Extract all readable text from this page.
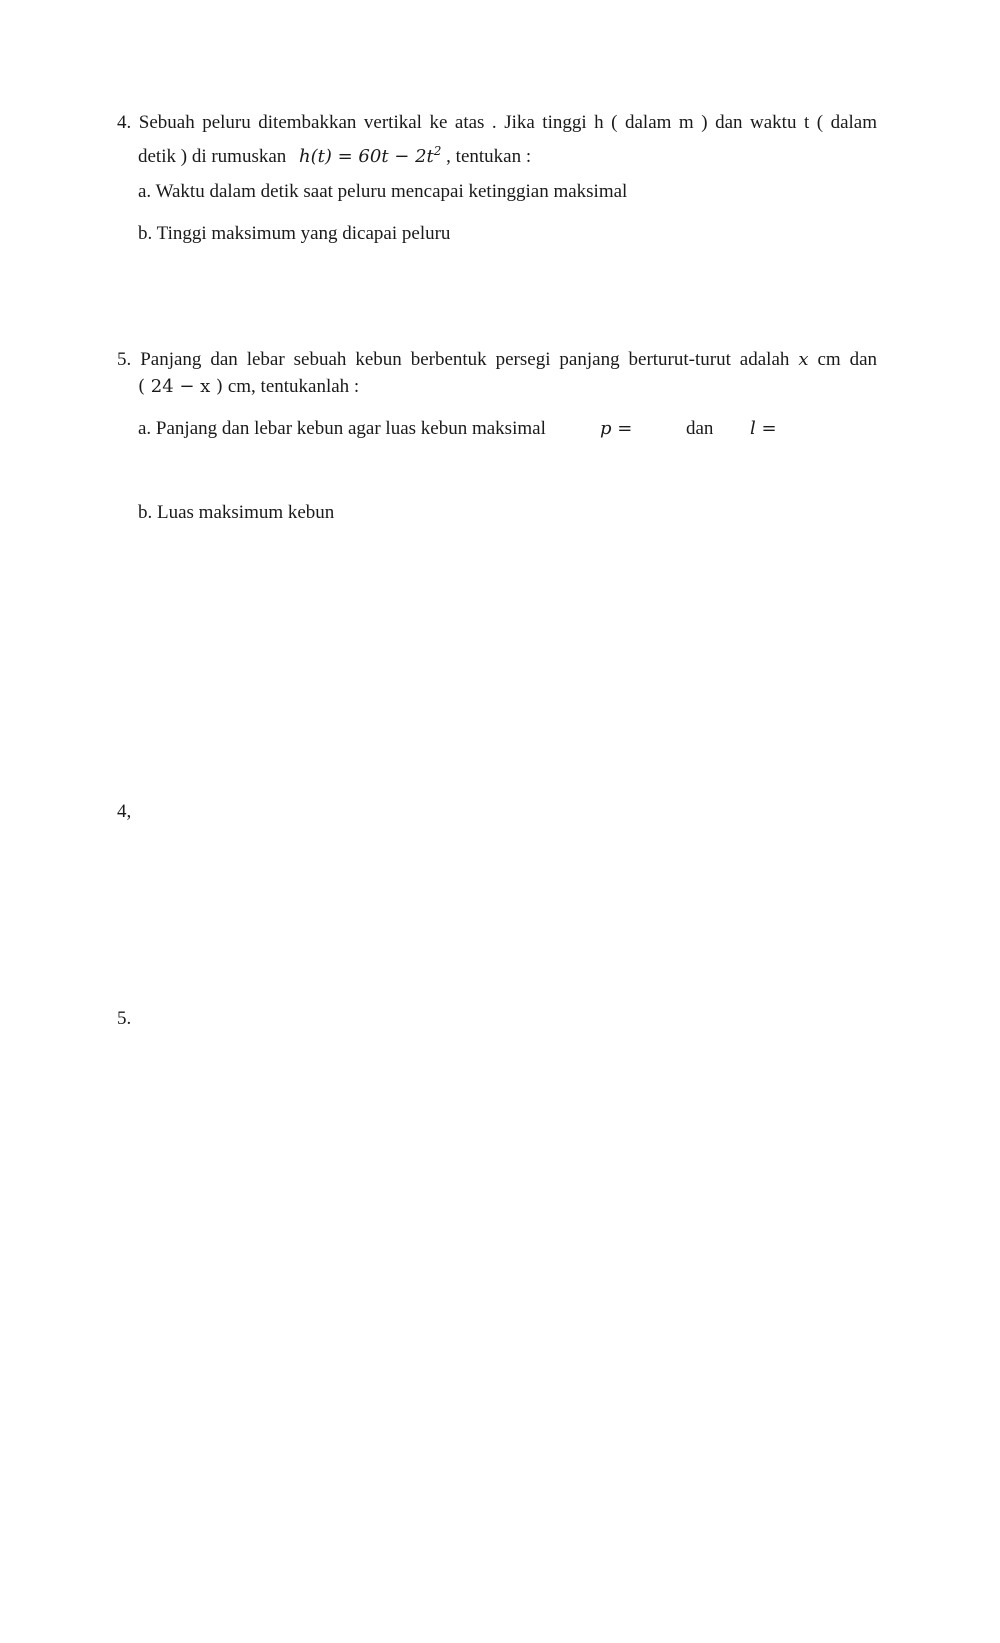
4. Sebuah peluru ditembakkan vertikal ke atas . Jika tinggi h ( dalam m ) dan waktu t ( dalam
detik ) di rumuskan $h(t) = 60t - 2t^2$ , tentukan :
a. Waktu dalam detik saat peluru mencapai ketinggian maksimal
b. Tinggi maksimum yang dicapai peluru
5. Panjang dan lebar sebuah kebun berbentuk persegi panjang berturut-turut adalah x cm dan
( 24 − x ) cm, tentukanlah :
a. Panjang dan lebar kebun agar luas kebun maksimal	p =	dan l =
b. Luas maksimum kebun
4,
5.
